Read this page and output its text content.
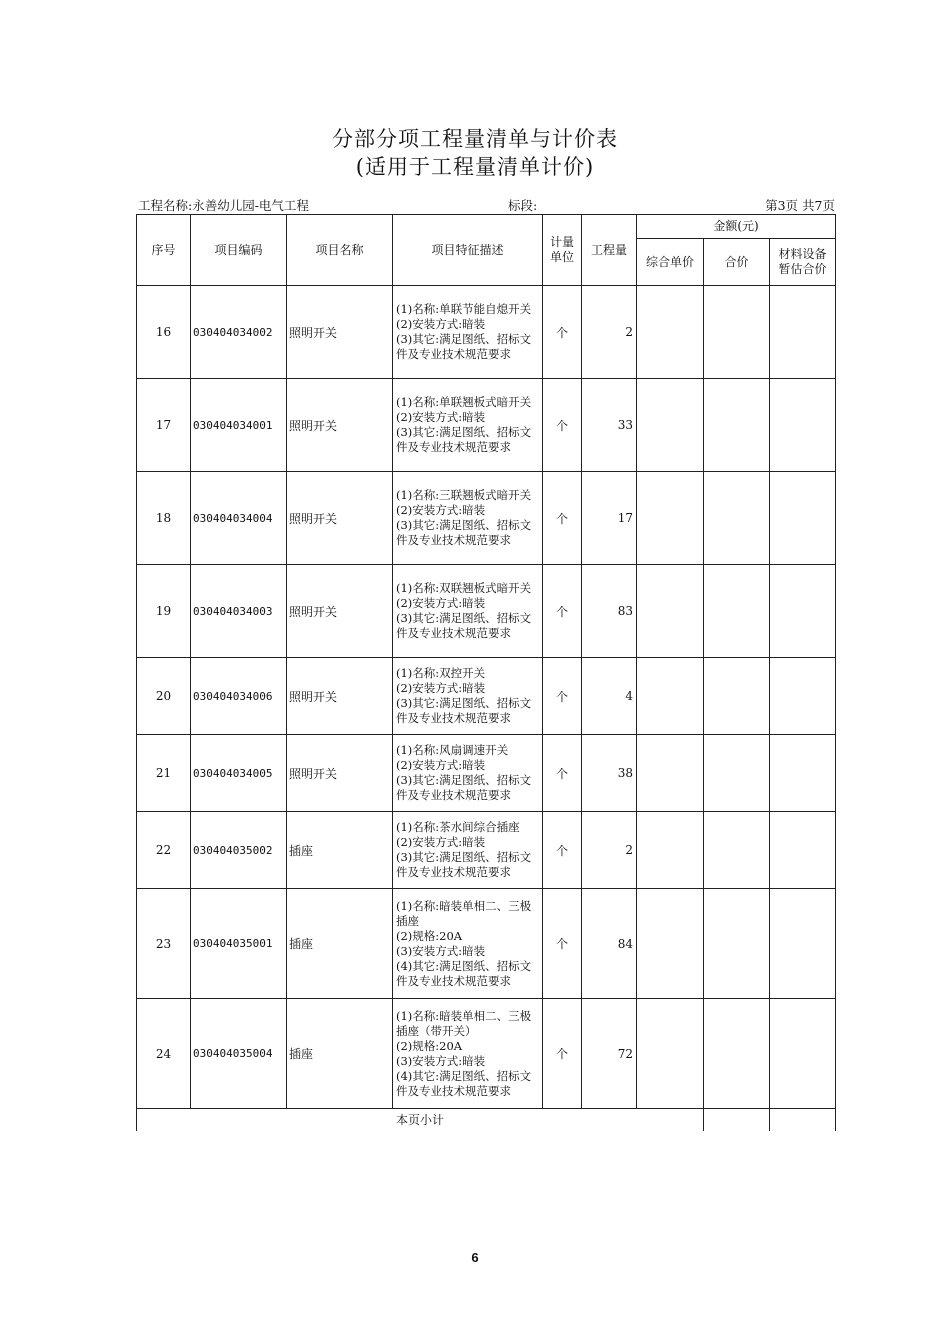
分部分项工程量清单与计价表
(适用于工程量清单计价)
工程名称:永善幼儿园-电气工程	标段:	第3页 共7页
序号	项目编码	项目名称	项目特征描述	计量
单位	工程量	金额(元)		
						综合单价	合价	材料设备
暂估合价

16	030404034002	照明开关	(1)名称:单联节能自熄开关
(2)安装方式:暗装
(3)其它:满足图纸、招标文件及专业技术规范要求	个	2			
17	030404034001	照明开关	(1)名称:单联翘板式暗开关
(2)安装方式:暗装
(3)其它:满足图纸、招标文件及专业技术规范要求	个	33			
18	030404034004	照明开关	(1)名称:三联翘板式暗开关
(2)安装方式:暗装
(3)其它:满足图纸、招标文件及专业技术规范要求	个	17			
19	030404034003	照明开关	(1)名称:双联翘板式暗开关
(2)安装方式:暗装
(3)其它:满足图纸、招标文件及专业技术规范要求	个	83			
20	030404034006	照明开关	(1)名称:双控开关
(2)安装方式:暗装
(3)其它:满足图纸、招标文件及专业技术规范要求	个	4			
21	030404034005	照明开关	(1)名称:风扇调速开关
(2)安装方式:暗装
(3)其它:满足图纸、招标文件及专业技术规范要求	个	38			
22	030404035002	插座	(1)名称:茶水间综合插座
(2)安装方式:暗装
(3)其它:满足图纸、招标文件及专业技术规范要求	个	2			
23	030404035001	插座	(1)名称:暗装单相二、三极插座
(2)规格:20A
(3)安装方式:暗装
(4)其它:满足图纸、招标文件及专业技术规范要求	个	84			
24	030404035004	插座	(1)名称:暗装单相二、三极插座（带开关）
(2)规格:20A
(3)安装方式:暗装
(4)其它:满足图纸、招标文件及专业技术规范要求	个	72			
本页小计								
6
